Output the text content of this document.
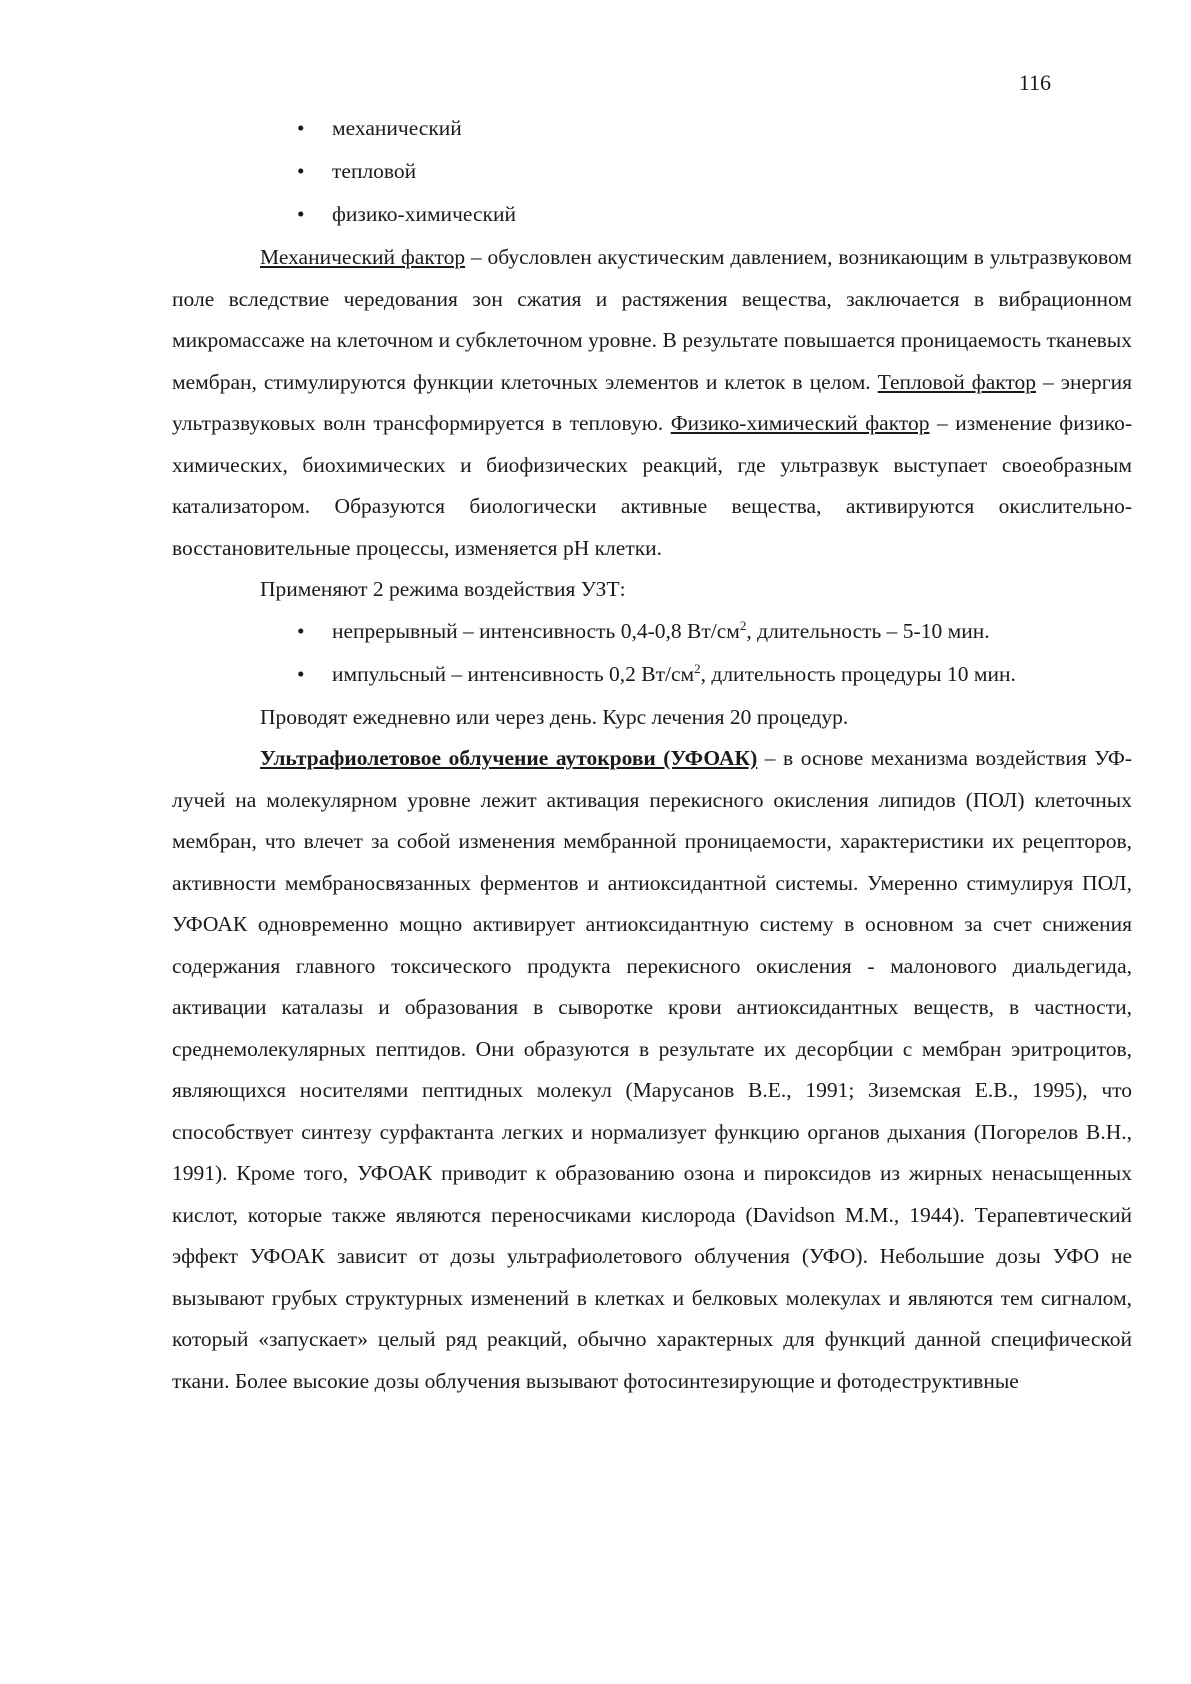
116
• механический
• тепловой
• физико-химический

Механический фактор – обусловлен акустическим давлением, возникающим в ультразвуковом поле вследствие чередования зон сжатия и растяжения вещества, заключается в вибрационном микромассаже на клеточном и субклеточном уровне. В результате повышается проницаемость тканевых мембран, стимулируются функции клеточных элементов и клеток в целом. Тепловой фактор – энергия ультразвуковых волн трансформируется в тепловую. Физико-химический фактор – изменение физико-химических, биохимических и биофизических реакций, где ультразвук выступает своеобразным катализатором. Образуются биологически активные вещества, активируются окислительно-восстановительные процессы, изменяется pH клетки.

Применяют 2 режима воздействия УЗТ:

• непрерывный – интенсивность 0,4-0,8 $Вт/см^2$, длительность – 5-10 мин.
• импульсный – интенсивность 0,2 $Вт/см^2$, длительность процедуры 10 мин.

Проводят ежедневно или через день. Курс лечения 20 процедур.

Ультрафиолетовое облучение аутокрови (УФОАК) – в основе механизма воздействия УФ-лучей на молекулярном уровне лежит активация перекисного окисления липидов (ПОЛ) клеточных мембран, что влечет за собой изменения мембранной проницаемости, характеристики их рецепторов, активности мембраносвязанных ферментов и антиоксидантной системы. Умеренно стимулируя ПОЛ, УФОАК одновременно мощно активирует антиоксидантную систему в основном за счет снижения содержания главного токсического продукта перекисного окисления - малонового диальдегида, активации каталазы и образования в сыворотке крови антиоксидантных веществ, в частности, среднемолекулярных пептидов. Они образуются в результате их десорбции с мембран эритроцитов, являющихся носителями пептидных молекул (Марусанов В.Е., 1991; Зиземская Е.В., 1995), что способствует синтезу сурфактанта легких и нормализует функцию органов дыхания (Погорелов В.Н., 1991). Кроме того, УФОАК приводит к образованию озона и пироксидов из жирных ненасыщенных кислот, которые также являются переносчиками кислорода (Davidson M.M., 1944). Терапевтический эффект УФОАК зависит от дозы ультрафиолетового облучения (УФО). Небольшие дозы УФО не вызывают грубых структурных изменений в клетках и белковых молекулах и являются тем сигналом, который «запускает» целый ряд реакций, обычно характерных для функций данной специфической ткани. Более высокие дозы облучения вызывают фотосинтезирующие и фотодеструктивные
